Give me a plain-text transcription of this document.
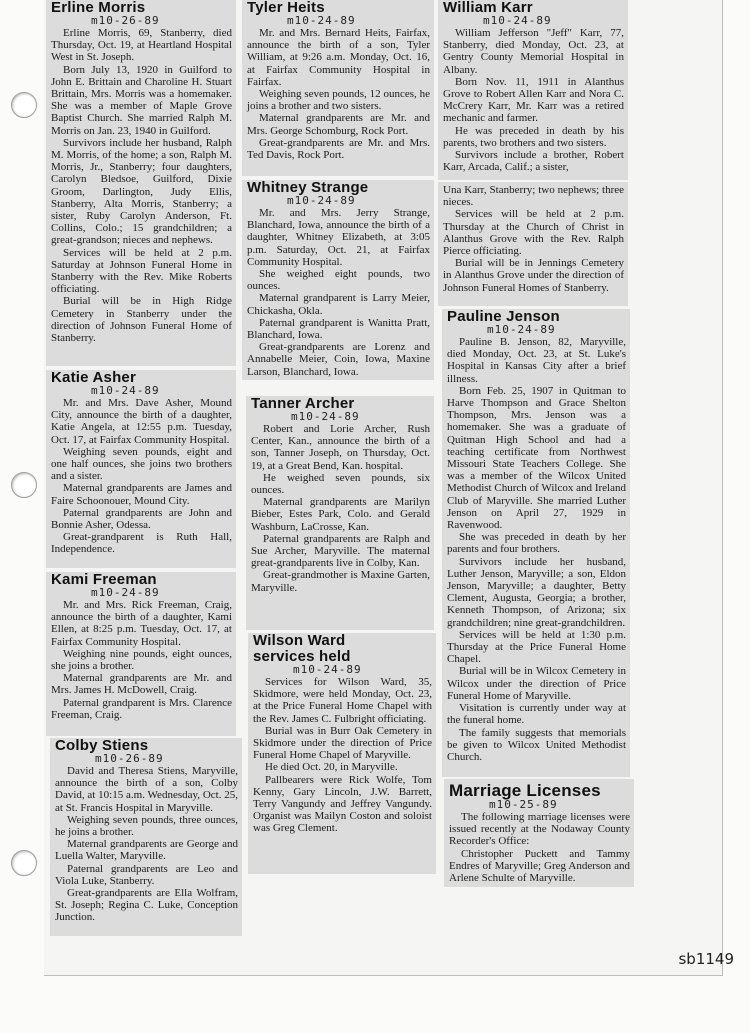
Erline Morris
m10-26-89

Erline Morris, 69, Stanberry, died Thursday, Oct. 19, at Heartland Hospital West in St. Joseph.

Born July 13, 1920 in Guilford to John E. Brittain and Charoline H. Stuart Brittain, Mrs. Morris was a homemaker. She was a member of Maple Grove Baptist Church. She married Ralph M. Morris on Jan. 23, 1940 in Guilford.

Survivors include her husband, Ralph M. Morris, of the home; a son, Ralph M. Morris, Jr., Stanberry; four daughters, Carolyn Bledsoe, Guilford, Dixie Groom, Darlington, Judy Ellis, Stanberry, Alta Morris, Stanberry; a sister, Ruby Carolyn Anderson, Ft. Collins, Colo.; 15 grandchildren; a great-grandson; nieces and nephews.

Services will be held at 2 p.m. Saturday at Johnson Funeral Home in Stanberry with the Rev. Mike Roberts officiating.

Burial will be in High Ridge Cemetery in Stanberry under the direction of Johnson Funeral Home of Stanberry.

Katie Asher
m10-24-89

Mr. and Mrs. Dave Asher, Mound City, announce the birth of a daughter, Katie Angela, at 12:55 p.m. Tuesday, Oct. 17, at Fairfax Community Hospital.

Weighing seven pounds, eight and one half ounces, she joins two brothers and a sister.

Maternal grandparents are James and Faire Schoonouer, Mound City.

Paternal grandparents are John and Bonnie Asher, Odessa.

Great-grandparent is Ruth Hall, Independence.

Kami Freeman
m10-24-89

Mr. and Mrs. Rick Freeman, Craig, announce the birth of a daughter, Kami Ellen, at 8:25 p.m. Tuesday, Oct. 17, at Fairfax Community Hospital.

Weighing nine pounds, eight ounces, she joins a brother.

Maternal grandparents are Mr. and Mrs. James H. McDowell, Craig.

Paternal grandparent is Mrs. Clarence Freeman, Craig.

Colby Stiens
m10-26-89

David and Theresa Stiens, Maryville, announce the birth of a son, Colby David, at 10:15 a.m. Wednesday, Oct. 25, at St. Francis Hospital in Maryville.

Weighing seven pounds, three ounces, he joins a brother.

Maternal grandparents are George and Luella Walter, Maryville.

Paternal grandparents are Leo and Viola Luke, Stanberry.

Great-grandparents are Ella Wolfram, St. Joseph; Regina C. Luke, Conception Junction.

Tyler Heits
m10-24-89

Mr. and Mrs. Bernard Heits, Fairfax, announce the birth of a son, Tyler William, at 9:26 a.m. Monday, Oct. 16, at Fairfax Community Hospital in Fairfax.

Weighing seven pounds, 12 ounces, he joins a brother and two sisters.

Maternal grandparents are Mr. and Mrs. George Schomburg, Rock Port.

Great-grandparents are Mr. and Mrs. Ted Davis, Rock Port.

Whitney Strange
m10-24-89

Mr. and Mrs. Jerry Strange, Blanchard, Iowa, announce the birth of a daughter, Whitney Elizabeth, at 3:05 p.m. Saturday, Oct. 21, at Fairfax Community Hospital.

She weighed eight pounds, two ounces.

Maternal grandparent is Larry Meier, Chickasha, Okla.

Paternal grandparent is Wanitta Pratt, Blanchard, Iowa.

Great-grandparents are Lorenz and Annabelle Meier, Coin, Iowa, Maxine Larson, Blanchard, Iowa.

Tanner Archer
m10-24-89

Robert and Lorie Archer, Rush Center, Kan., announce the birth of a son, Tanner Joseph, on Thursday, Oct. 19, at a Great Bend, Kan. hospital.

He weighed seven pounds, six ounces.

Maternal grandparents are Marilyn Bieber, Estes Park, Colo. and Gerald Washburn, LaCrosse, Kan.

Paternal grandparents are Ralph and Sue Archer, Maryville. The maternal great-grandparents live in Colby, Kan.

Great-grandmother is Maxine Garten, Maryville.

Wilson Ward
services held
m10-24-89

Services for Wilson Ward, 35, Skidmore, were held Monday, Oct. 23, at the Price Funeral Home Chapel with the Rev. James C. Fulbright officiating.

Burial was in Burr Oak Cemetery in Skidmore under the direction of Price Funeral Home Chapel of Maryville.

He died Oct. 20, in Maryville.

Pallbearers were Rick Wolfe, Tom Kenny, Gary Lincoln, J.W. Barrett, Terry Vangundy and Jeffrey Vangundy. Organist was Mailyn Coston and soloist was Greg Clement.

William Karr
m10-24-89

William Jefferson "Jeff" Karr, 77, Stanberry, died Monday, Oct. 23, at Gentry County Memorial Hospital in Albany.

Born Nov. 11, 1911 in Alanthus Grove to Robert Allen Karr and Nora C. McCrery Karr, Mr. Karr was a retired mechanic and farmer.

He was preceded in death by his parents, two brothers and two sisters.

Survivors include a brother, Robert Karr, Arcada, Calif.; a sister,

Una Karr, Stanberry; two nephews; three nieces.

Services will be held at 2 p.m. Thursday at the Church of Christ in Alanthus Grove with the Rev. Ralph Pierce officiating.

Burial will be in Jennings Cemetery in Alanthus Grove under the direction of Johnson Funeral Homes of Stanberry.

Pauline Jenson
m10-24-89

Pauline B. Jenson, 82, Maryville, died Monday, Oct. 23, at St. Luke's Hospital in Kansas City after a brief illness.

Born Feb. 25, 1907 in Quitman to Harve Thompson and Grace Shelton Thompson, Mrs. Jenson was a homemaker. She was a graduate of Quitman High School and had a teaching certificate from Northwest Missouri State Teachers College. She was a member of the Wilcox United Methodist Church of Wilcox and Ireland Club of Maryville. She married Luther Jenson on April 27, 1929 in Ravenwood.

She was preceded in death by her parents and four brothers.

Survivors include her husband, Luther Jenson, Maryville; a son, Eldon Jenson, Maryville; a daughter, Betty Clement, Augusta, Georgia; a brother, Kenneth Thompson, of Arizona; six grandchildren; nine great-grandchildren.

Services will be held at 1:30 p.m. Thursday at the Price Funeral Home Chapel.

Burial will be in Wilcox Cemetery in Wilcox under the direction of Price Funeral Home of Maryville.

Visitation is currently under way at the funeral home.

The family suggests that memorials be given to Wilcox United Methodist Church.

Marriage Licenses
m10-25-89

The following marriage licenses were issued recently at the Nodaway County Recorder's Office:

Christopher Puckett and Tammy Endres of Maryville; Greg Anderson and Arlene Schulte of Maryville.

sb1149
